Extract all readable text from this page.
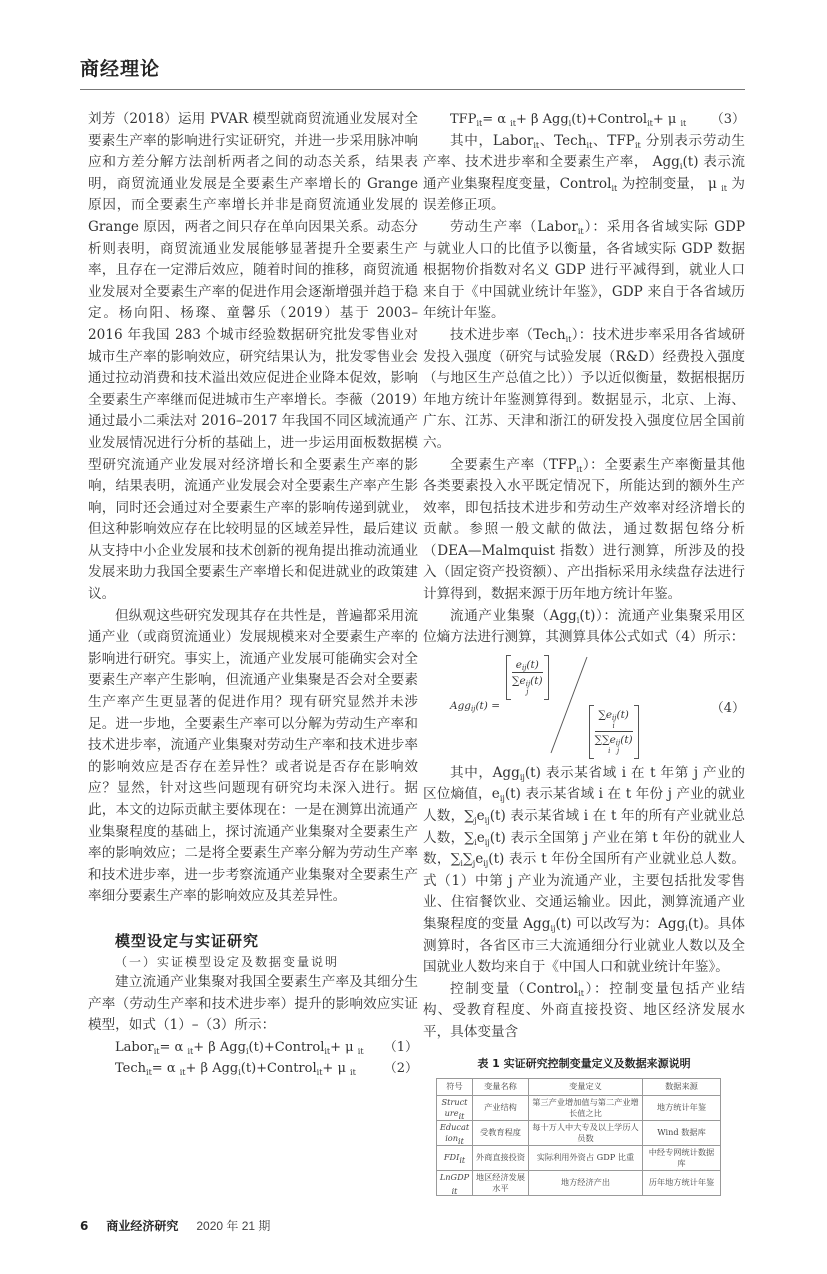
商经理论

刘芳（2018）运用 PVAR 模型就商贸流通业发展对全要素生产率的影响进行实证研究，并进一步采用脉冲响应和方差分解方法剖析两者之间的动态关系，结果表明，商贸流通业发展是全要素生产率增长的 Grange 原因，而全要素生产率增长并非是商贸流通业发展的 Grange 原因，两者之间只存在单向因果关系。动态分析则表明，商贸流通业发展能够显著提升全要素生产率，且存在一定滞后效应，随着时间的推移，商贸流通业发展对全要素生产率的促进作用会逐渐增强并趋于稳定。杨向阳、杨璨、童馨乐（2019）基于 2003–2016 年我国 283 个城市经验数据研究批发零售业对城市生产率的影响效应，研究结果认为，批发零售业会通过拉动消费和技术溢出效应促进企业降本促效，影响全要素生产率继而促进城市生产率增长。李薇（2019）通过最小二乘法对 2016–2017 年我国不同区域流通产业发展情况进行分析的基础上，进一步运用面板数据模型研究流通产业发展对经济增长和全要素生产率的影响，结果表明，流通产业发展会对全要素生产率产生影响，同时还会通过对全要素生产率的影响传递到就业，但这种影响效应存在比较明显的区域差异性，最后建议从支持中小企业发展和技术创新的视角提出推动流通业发展来助力我国全要素生产率增长和促进就业的政策建议。

但纵观这些研究发现其存在共性是，普遍都采用流通产业（或商贸流通业）发展规模来对全要素生产率的影响进行研究。事实上，流通产业发展可能确实会对全要素生产率产生影响，但流通产业集聚是否会对全要素生产率产生更显著的促进作用？现有研究显然并未涉足。进一步地，全要素生产率可以分解为劳动生产率和技术进步率，流通产业集聚对劳动生产率和技术进步率的影响效应是否存在差异性？或者说是否存在影响效应？显然，针对这些问题现有研究均未深入进行。据此，本文的边际贡献主要体现在：一是在测算出流通产业集聚程度的基础上，探讨流通产业集聚对全要素生产率的影响效应；二是将全要素生产率分解为劳动生产率和技术进步率，进一步考察流通产业集聚对全要素生产率细分要素生产率的影响效应及其差异性。

模型设定与实证研究
（一）实证模型设定及数据变量说明

建立流通产业集聚对我国全要素生产率及其细分生产率（劳动生产率和技术进步率）提升的影响效应实证模型，如式（1）–（3）所示：

Labor$_{it}$= α $_{it}$+ β Agg$_i$(t)+Control$_{it}$+ μ $_{it}$ （1）
Tech$_{it}$= α $_{it}$+ β Agg$_i$(t)+Control$_{it}$+ μ $_{it}$ （2）
$TFP_{it}= \alpha$ $_{it}$+ β Agg$_i$(t)+Control$_{it}$+ μ $_{it}$ （3）

其中，Labor$_{it}$、Tech$_{it}$、$TFP_{it}$ 分别表示劳动生产率、技术进步率和全要素生产率， Agg$_i$(t) 表示流通产业集聚程度变量，Control$_{it}$ 为控制变量， μ $_{it}$ 为误差修正项。

劳动生产率（Labor$_{it}$）：采用各省域实际 GDP 与就业人口的比值予以衡量，各省域实际 GDP 数据根据物价指数对名义 GDP 进行平减得到，就业人口来自于《中国就业统计年鉴》，GDP 来自于各省域历年统计年鉴。

技术进步率（Tech$_{it}$）：技术进步率采用各省域研发投入强度（研究与试验发展（R&D）经费投入强度（与地区生产总值之比））予以近似衡量，数据根据历年地方统计年鉴测算得到。数据显示，北京、上海、广东、江苏、天津和浙江的研发投入强度位居全国前六。

全要素生产率$(TFP_{it})$：全要素生产率衡量其他各类要素投入水平既定情况下，所能达到的额外生产效率，即包括技术进步和劳动生产效率对经济增长的贡献。参照一般文献的做法，通过数据包络分析（DEA—Malmquist 指数）进行测算，所涉及的投入（固定资产投资额）、产出指标采用永续盘存法进行计算得到，数据来源于历年地方统计年鉴。

流通产业集聚（Agg$_i$(t)）：流通产业集聚采用区位熵方法进行测算，其测算具体公式如式（4）所示：

Agg$_{ij}$(t) =
$e_{ij}(t)$
$\sum e_{ij}(t)$
j
$\sum e_{ij}(t)$
i
$\sum\sum e_{ij}(t)$
i   j
（4）

其中，Agg$_{ij}$(t) 表示某省域 i 在 t 年第 j 产业的区位熵值，$e_{ij}(t)$ 表示某省域 i 在 t 年份 j 产业的就业人数，$\sum_je_{ij}(t)$ 表示某省域 i 在 t 年的所有产业就业总人数，$\sum_ie_{ij}(t)$ 表示全国第 j 产业在第 t 年份的就业人数，$\sum_i\sum_je_{ij}(t)$ 表示 t 年份全国所有产业就业总人数。式（1）中第 j 产业为流通产业，主要包括批发零售业、住宿餐饮业、交通运输业。因此，测算流通产业集聚程度的变量 Agg$_{ij}$(t) 可以改写为：Agg$_i$(t)。具体测算时，各省区市三大流通细分行业就业人数以及全国就业人数均来自于《中国人口和就业统计年鉴》。

控制变量（Control$_{it}$）：控制变量包括产业结构、受教育程度、外商直接投资、地区经济发展水平，具体变量含

表 1 实证研究控制变量定义及数据来源说明
符号	变量名称	变量定义	数据来源
Structure$_{it}$	产业结构	第三产业增加值与第二产业增长值之比	地方统计年鉴
Education$_{it}$	受教育程度	每十万人中大专及以上学历人员数	Wind 数据库
$FDI_{it}$	外商直接投资	实际利用外资占 GDP 比重	中经专网统计数据库
LnGDP$_{it}$	地区经济发展水平	地方经济产出	历年地方统计年鉴
6 商业经济研究 2020 年 21 期
